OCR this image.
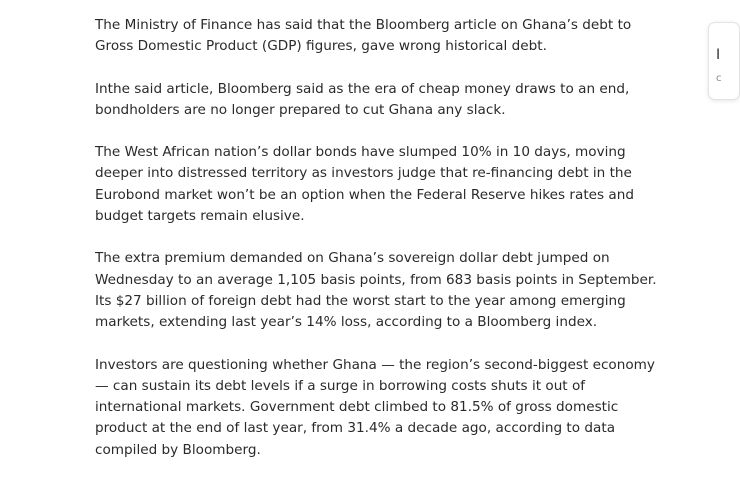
The Ministry of Finance has said that the Bloomberg article on Ghana’s debt to Gross Domestic Product (GDP) figures, gave wrong historical debt.

Inthe said article, Bloomberg said as the era of cheap money draws to an end, bondholders are no longer prepared to cut Ghana any slack.

The West African nation’s dollar bonds have slumped 10% in 10 days, moving deeper into distressed territory as investors judge that re-financing debt in the Eurobond market won’t be an option when the Federal Reserve hikes rates and budget targets remain elusive.

The extra premium demanded on Ghana’s sovereign dollar debt jumped on Wednesday to an average 1,105 basis points, from 683 basis points in September. Its $27 billion of foreign debt had the worst start to the year among emerging markets, extending last year’s 14% loss, according to a Bloomberg index.

Investors are questioning whether Ghana — the region’s second-biggest economy — can sustain its debt levels if a surge in borrowing costs shuts it out of international markets. Government debt climbed to 81.5% of gross domestic product at the end of last year, from 31.4% a decade ago, according to data compiled by Bloomberg.

I
c
